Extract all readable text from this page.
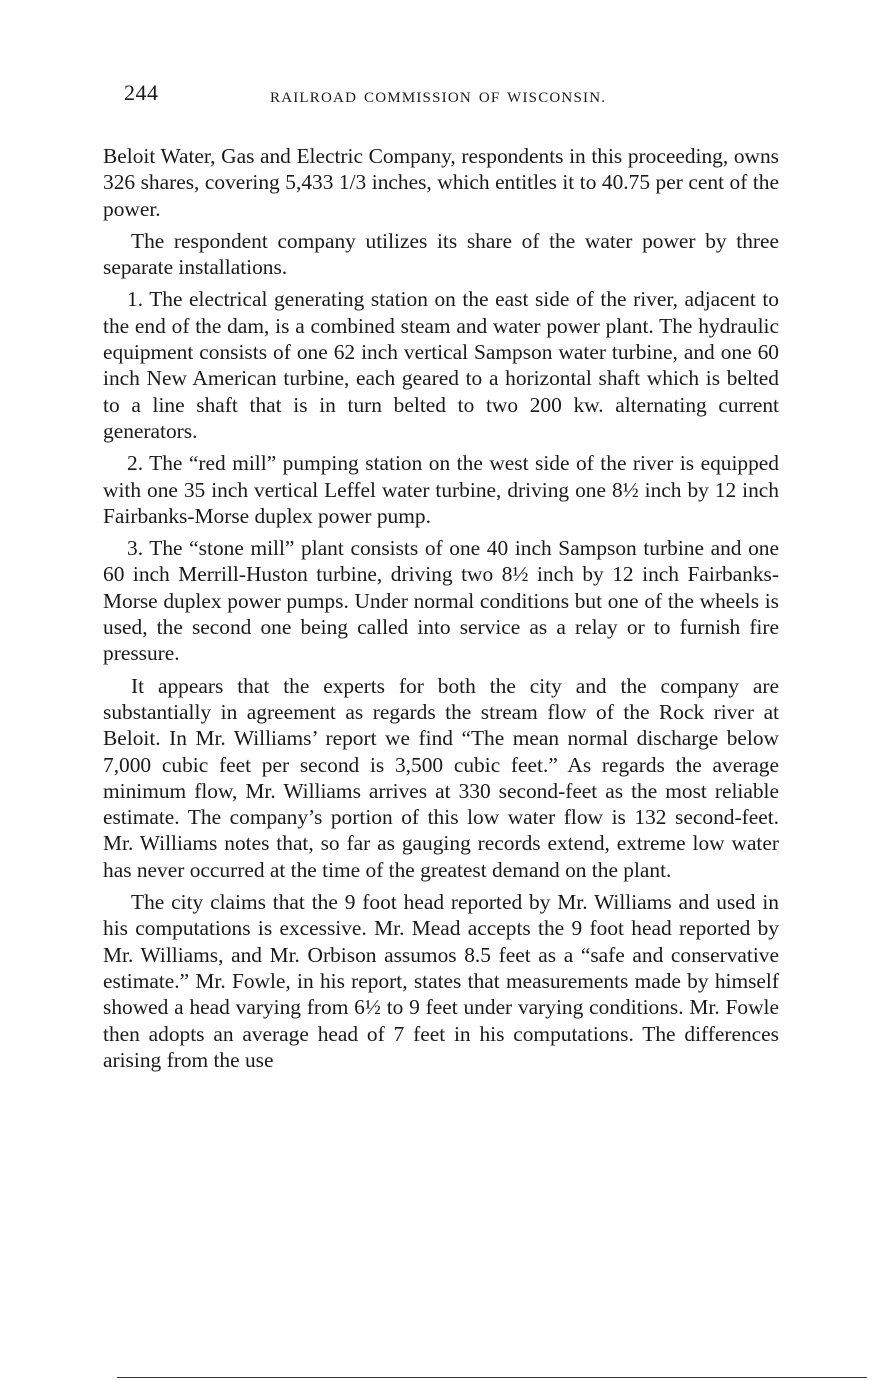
244	RAILROAD COMMISSION OF WISCONSIN.

Beloit Water, Gas and Electric Company, respondents in this proceeding, owns 326 shares, covering 5,433 1/3 inches, which entitles it to 40.75 per cent of the power.

The respondent company utilizes its share of the water power by three separate installations.

1. The electrical generating station on the east side of the river, adjacent to the end of the dam, is a combined steam and water power plant. The hydraulic equipment consists of one 62 inch vertical Sampson water turbine, and one 60 inch New American turbine, each geared to a horizontal shaft which is belted to a line shaft that is in turn belted to two 200 kw. alternating current generators.

2. The “red mill” pumping station on the west side of the river is equipped with one 35 inch vertical Leffel water turbine, driving one 8½ inch by 12 inch Fairbanks-Morse duplex power pump.

3. The “stone mill” plant consists of one 40 inch Sampson turbine and one 60 inch Merrill-Huston turbine, driving two 8½ inch by 12 inch Fairbanks-Morse duplex power pumps. Under normal conditions but one of the wheels is used, the second one being called into service as a relay or to furnish fire pressure.

It appears that the experts for both the city and the company are substantially in agreement as regards the stream flow of the Rock river at Beloit. In Mr. Williams’ report we find “The mean normal discharge below 7,000 cubic feet per second is 3,500 cubic feet.” As regards the average minimum flow, Mr. Williams arrives at 330 second-feet as the most reliable estimate. The company’s portion of this low water flow is 132 second-feet. Mr. Williams notes that, so far as gauging records extend, extreme low water has never occurred at the time of the greatest demand on the plant.

The city claims that the 9 foot head reported by Mr. Williams and used in his computations is excessive. Mr. Mead accepts the 9 foot head reported by Mr. Williams, and Mr. Orbison assumos 8.5 feet as a “safe and conservative estimate.” Mr. Fowle, in his report, states that measurements made by himself showed a head varying from 6½ to 9 feet under varying conditions. Mr. Fowle then adopts an average head of 7 feet in his computations. The differences arising from the use
